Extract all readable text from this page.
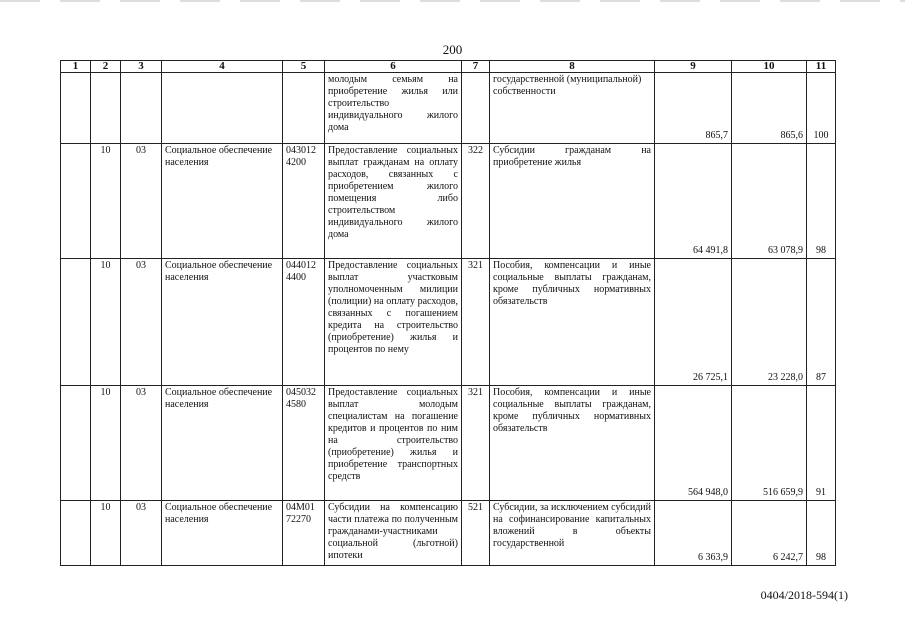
200
1	2	3	4	5	6	7	8	9	10	11
					молодым семьям на приобретение жилья или строительство индивидуального жилого дома		государственной (муниципальной) собственности	865,7	865,6	100
	10	03	Социальное обеспечение населения	043012 4200	Предоставление социальных выплат гражданам на оплату расходов, связанных с приобретением жилого помещения либо строительством индивидуального жилого дома	322	Субсидии гражданам на приобретение жилья	64 491,8	63 078,9	98
	10	03	Социальное обеспечение населения	044012 4400	Предоставление социальных выплат участковым уполномоченным милиции (полиции) на оплату расходов, связанных с погашением кредита на строительство (приобретение) жилья и процентов по нему	321	Пособия, компенсации и иные социальные выплаты гражданам, кроме публичных нормативных обязательств	26 725,1	23 228,0	87
	10	03	Социальное обеспечение населения	045032 4580	Предоставление социальных выплат молодым специалистам на погашение кредитов и процентов по ним на строительство (приобретение) жилья и приобретение транспортных средств	321	Пособия, компенсации и иные социальные выплаты гражданам, кроме публичных нормативных обязательств	564 948,0	516 659,9	91
	10	03	Социальное обеспечение населения	04М01 72270	Субсидии на компенсацию части платежа по полученным гражданами-участниками социальной (льготной) ипотеки	521	Субсидии, за исключением субсидий на софинансирование капитальных вложений в объекты государственной	6 363,9	6 242,7	98
0404/2018-594(1)
